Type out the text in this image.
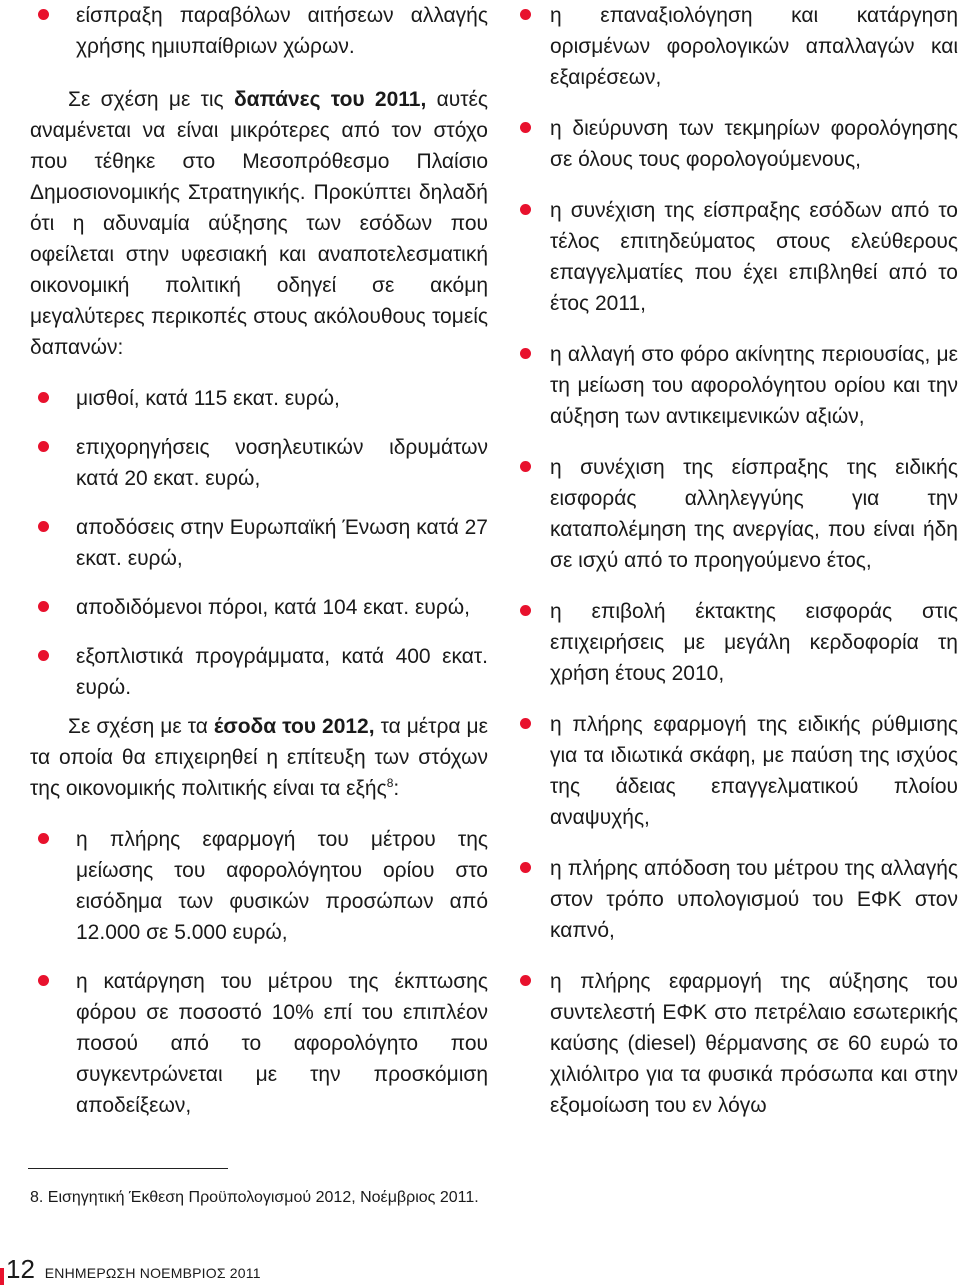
είσπραξη παραβόλων αιτήσεων αλλαγής χρήσης ημιυπαίθριων χώρων.

Σε σχέση με τις δαπάνες του 2011, αυτές αναμένεται να είναι μικρότερες από τον στόχο που τέθηκε στο Μεσοπρόθεσμο Πλαίσιο Δημοσιονομικής Στρατηγικής. Προκύπτει δηλαδή ότι η αδυναμία αύξησης των εσόδων που οφείλεται στην υφεσιακή και αναποτελεσματική οικονομική πολιτική οδηγεί σε ακόμη μεγαλύτερες περικοπές στους ακόλουθους τομείς δαπανών:

μισθοί, κατά 115 εκατ. ευρώ,
επιχορηγήσεις νοσηλευτικών ιδρυμάτων κατά 20 εκατ. ευρώ,
αποδόσεις στην Ευρωπαϊκή Ένωση κατά 27 εκατ. ευρώ,
αποδιδόμενοι πόροι, κατά 104 εκατ. ευρώ,
εξοπλιστικά προγράμματα, κατά 400 εκατ. ευρώ.

Σε σχέση με τα έσοδα του 2012, τα μέτρα με τα οποία θα επιχειρηθεί η επίτευξη των στόχων της οικονομικής πολιτικής είναι τα εξής$^8$:

η πλήρης εφαρμογή του μέτρου της μείωσης του αφορολόγητου ορίου στο εισόδημα των φυσικών προσώπων από 12.000 σε 5.000 ευρώ,
η κατάργηση του μέτρου της έκπτωσης φόρου σε ποσοστό 10% επί του επιπλέον ποσού από το αφορολόγητο που συγκεντρώνεται με την προσκόμιση αποδείξεων,
η επαναξιολόγηση και κατάργηση ορισμένων φορολογικών απαλλαγών και εξαιρέσεων,
η διεύρυνση των τεκμηρίων φορολόγησης σε όλους τους φορολογούμενους,
η συνέχιση της είσπραξης εσόδων από το τέλος επιτηδεύματος στους ελεύθερους επαγγελματίες που έχει επιβληθεί από το έτος 2011,
η αλλαγή στο φόρο ακίνητης περιουσίας, με τη μείωση του αφορολόγητου ορίου και την αύξηση των αντικειμενικών αξιών,
η συνέχιση της είσπραξης της ειδικής εισφοράς αλληλεγγύης για την καταπολέμηση της ανεργίας, που είναι ήδη σε ισχύ από το προηγούμενο έτος,
η επιβολή έκτακτης εισφοράς στις επιχειρήσεις με μεγάλη κερδοφορία τη χρήση έτους 2010,
η πλήρης εφαρμογή της ειδικής ρύθμισης για τα ιδιωτικά σκάφη, με παύση της ισχύος της άδειας επαγγελματικού πλοίου αναψυχής,
η πλήρης απόδοση του μέτρου της αλλαγής στον τρόπο υπολογισμού του ΕΦΚ στον καπνό,
η πλήρης εφαρμογή της αύξησης του συντελεστή ΕΦΚ στο πετρέλαιο εσωτερικής καύσης (diesel) θέρμανσης σε 60 ευρώ το χιλιόλιτρο για τα φυσικά πρόσωπα και στην εξομοίωση του εν λόγω
8. Εισηγητική Έκθεση Προϋπολογισμού 2012, Νοέμβριος 2011.
12 ΕΝΗΜΕΡΩΣΗ ΝΟΕΜΒΡΙΟΣ 2011
